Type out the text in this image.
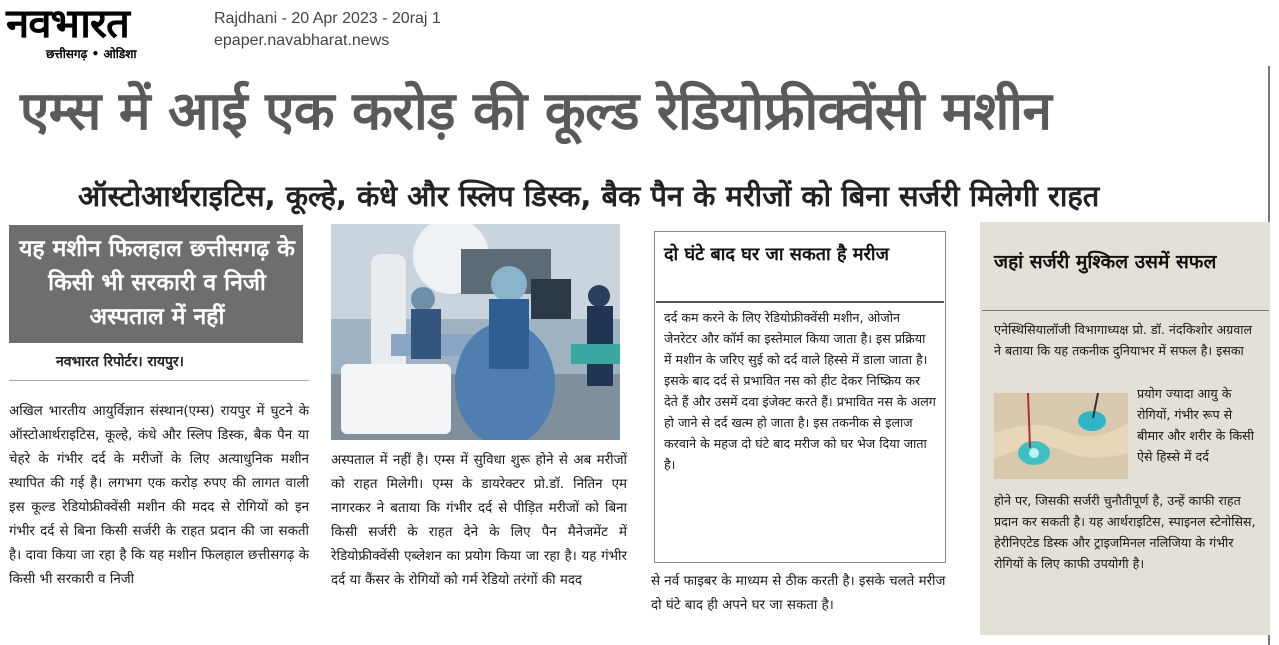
नवभारत
छत्तीसगढ़ • ओडिशा
Rajdhani - 20 Apr 2023 - 20raj 1
epaper.navabharat.news
एम्स में आई एक करोड़ की कूल्ड रेडियोफ्रीक्वेंसी मशीन
ऑस्टोआर्थराइटिस, कूल्हे, कंधे और स्लिप डिस्क, बैक पैन के मरीजों को बिना सर्जरी मिलेगी राहत
यह मशीन फिलहाल छत्तीसगढ़ के किसी भी सरकारी व निजी अस्पताल में नहीं
नवभारत रिपोर्टर। रायपुर।
अखिल भारतीय आयुर्विज्ञान संस्थान(एम्स) रायपुर में घुटने के ऑस्टोआर्थराइटिस, कूल्हे, कंधे और स्लिप डिस्क, बैक पैन या चेहरे के गंभीर दर्द के मरीजों के लिए अत्याधुनिक मशीन स्थापित की गई है। लगभग एक करोड़ रुपए की लागत वाली इस कूल्ड रेडियोफ्रीक्वेंसी मशीन की मदद से रोगियों को इन गंभीर दर्द से बिना किसी सर्जरी के राहत प्रदान की जा सकती है। दावा किया जा रहा है कि यह मशीन फिलहाल छत्तीसगढ़ के किसी भी सरकारी व निजी
अस्पताल में नहीं है। एम्स में सुविधा शुरू होने से अब मरीजों को राहत मिलेगी। एम्स के डायरेक्टर प्रो.डॉ. नितिन एम नागरकर ने बताया कि गंभीर दर्द से पीड़ित मरीजों को बिना किसी सर्जरी के राहत देने के लिए पैन मैनेजमेंट में रेडियोफ्रीक्वेंसी एब्लेशन का प्रयोग किया जा रहा है। यह गंभीर दर्द या कैंसर के रोगियों को गर्म रेडियो तरंगों की मदद
दो घंटे बाद घर जा सकता है मरीज
दर्द कम करने के लिए रेडियोफ्रीक्वेंसी मशीन, ओजोन जेनरेटर और कॉर्म का इस्तेमाल किया जाता है। इस प्रक्रिया में मशीन के जरिए सुई को दर्द वाले हिस्से में डाला जाता है। इसके बाद दर्द से प्रभावित नस को हीट देकर निष्क्रिय कर देते हैं और उसमें दवा इंजेक्ट करते हैं। प्रभावित नस के अलग हो जाने से दर्द खत्म हो जाता है। इस तकनीक से इलाज करवाने के महज दो घंटे बाद मरीज को घर भेज दिया जाता है।
से नर्व फाइबर के माध्यम से ठीक करती है। इसके चलते मरीज दो घंटे बाद ही अपने घर जा सकता है।
जहां सर्जरी मुश्किल उसमें सफल
एनेस्थिसियालॉजी विभागाध्यक्ष प्रो. डॉ. नंदकिशोर अग्रवाल ने बताया कि यह तकनीक दुनियाभर में सफल है। इसका
प्रयोग ज्यादा आयु के रोगियों, गंभीर रूप से बीमार और शरीर के किसी ऐसे हिस्से में दर्द
होने पर, जिसकी सर्जरी चुनौतीपूर्ण है, उन्हें काफी राहत प्रदान कर सकती है। यह आर्थराइटिस, स्पाइनल स्टेनोसिस, हेरीनिएटेड डिस्क और ट्राइजमिनल नलिजिया के गंभीर रोगियों के लिए काफी उपयोगी है।
